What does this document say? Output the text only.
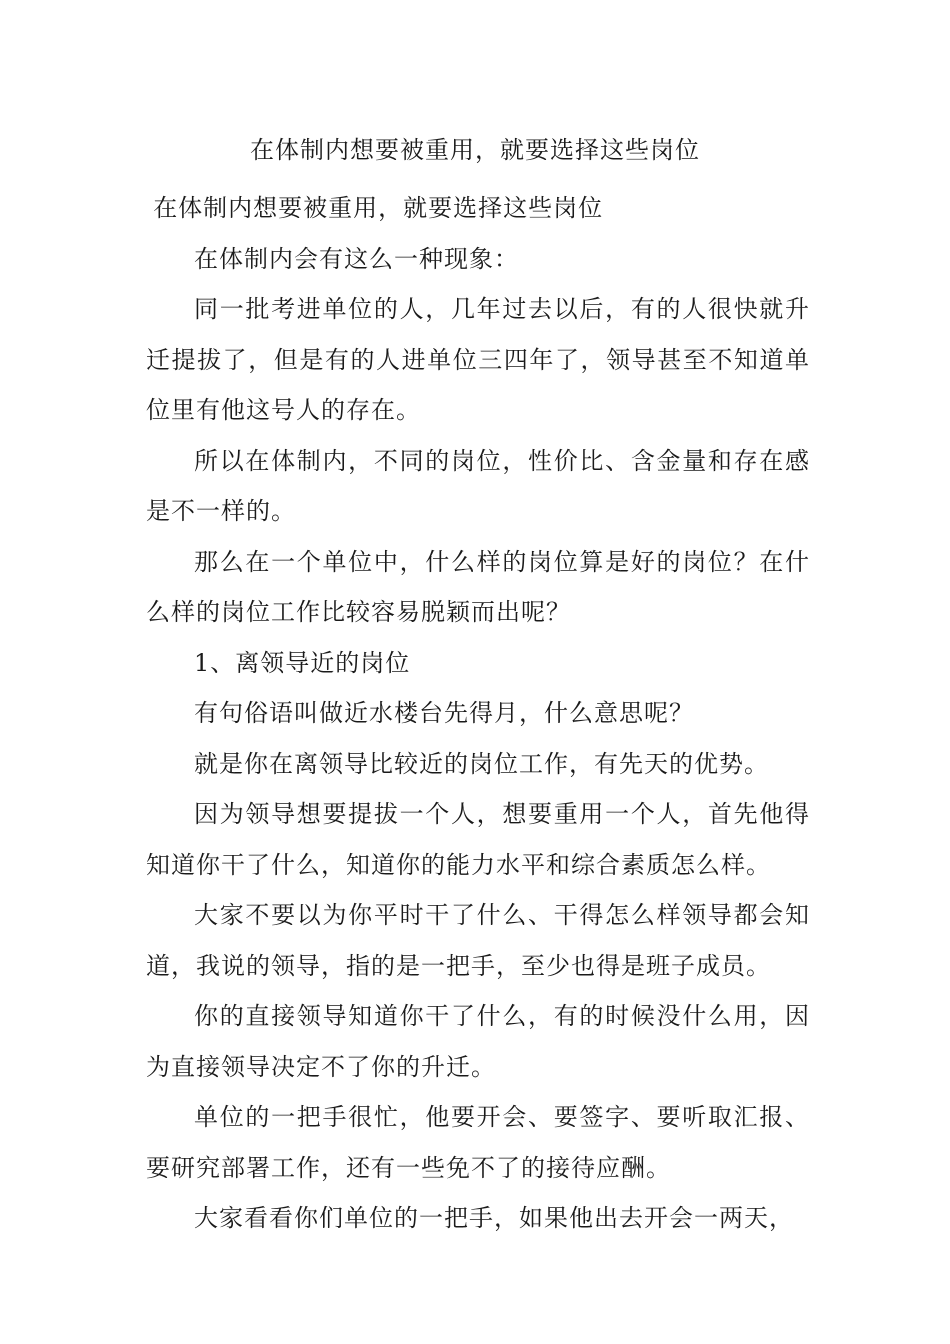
在体制内想要被重用，就要选择这些岗位

在体制内想要被重用，就要选择这些岗位

在体制内会有这么一种现象：

同一批考进单位的人，几年过去以后，有的人很快就升迁提拔了，但是有的人进单位三四年了，领导甚至不知道单位里有他这号人的存在。

所以在体制内，不同的岗位，性价比、含金量和存在感是不一样的。

那么在一个单位中，什么样的岗位算是好的岗位？在什么样的岗位工作比较容易脱颖而出呢？

1、离领导近的岗位

有句俗语叫做近水楼台先得月，什么意思呢？

就是你在离领导比较近的岗位工作，有先天的优势。

因为领导想要提拔一个人，想要重用一个人，首先他得知道你干了什么，知道你的能力水平和综合素质怎么样。

大家不要以为你平时干了什么、干得怎么样领导都会知道，我说的领导，指的是一把手，至少也得是班子成员。

你的直接领导知道你干了什么，有的时候没什么用，因为直接领导决定不了你的升迁。

单位的一把手很忙，他要开会、要签字、要听取汇报、要研究部署工作，还有一些免不了的接待应酬。

大家看看你们单位的一把手，如果他出去开会一两天，
